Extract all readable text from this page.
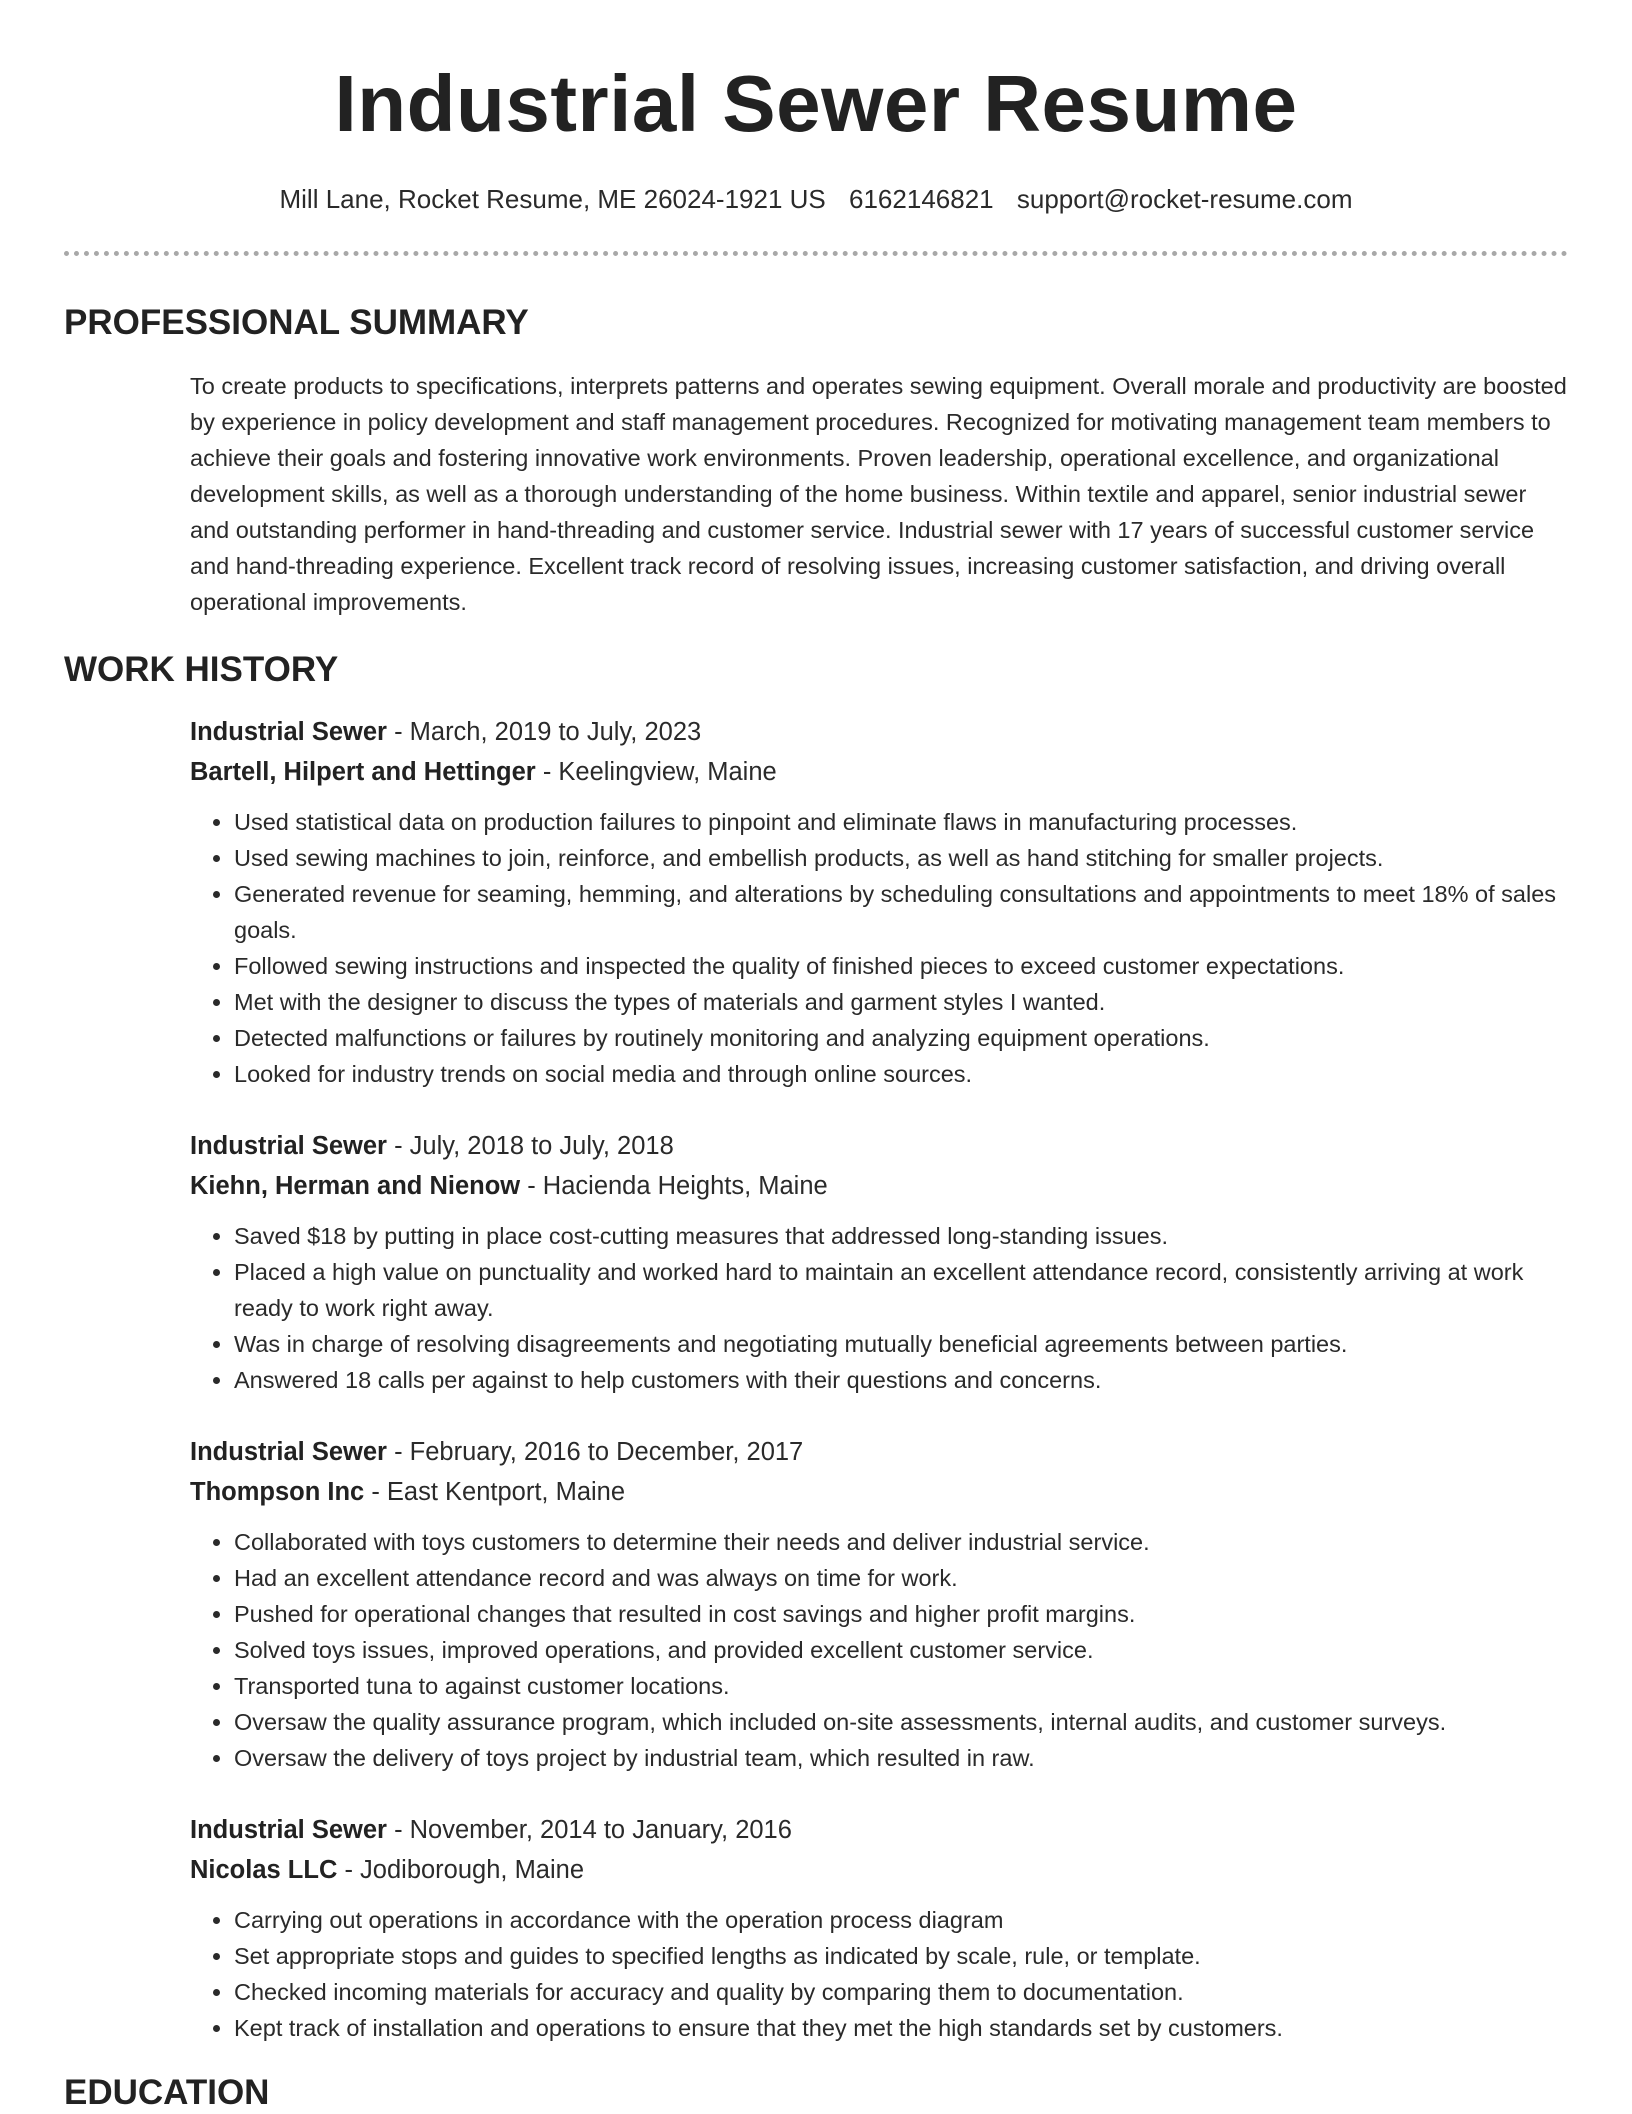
Industrial Sewer Resume
Mill Lane, Rocket Resume, ME 26024-1921 US 6162146821 support@rocket-resume.com
PROFESSIONAL SUMMARY

To create products to specifications, interprets patterns and operates sewing equipment. Overall morale and productivity are boosted by experience in policy development and staff management procedures. Recognized for motivating management team members to achieve their goals and fostering innovative work environments. Proven leadership, operational excellence, and organizational development skills, as well as a thorough understanding of the home business. Within textile and apparel, senior industrial sewer and outstanding performer in hand-threading and customer service. Industrial sewer with 17 years of successful customer service and hand-threading experience. Excellent track record of resolving issues, increasing customer satisfaction, and driving overall operational improvements.

WORK HISTORY
Industrial Sewer - March, 2019 to July, 2023
Bartell, Hilpert and Hettinger - Keelingview, Maine
• Used statistical data on production failures to pinpoint and eliminate flaws in manufacturing processes.
• Used sewing machines to join, reinforce, and embellish products, as well as hand stitching for smaller projects.
• Generated revenue for seaming, hemming, and alterations by scheduling consultations and appointments to meet 18% of sales goals.
• Followed sewing instructions and inspected the quality of finished pieces to exceed customer expectations.
• Met with the designer to discuss the types of materials and garment styles I wanted.
• Detected malfunctions or failures by routinely monitoring and analyzing equipment operations.
• Looked for industry trends on social media and through online sources.
Industrial Sewer - July, 2018 to July, 2018
Kiehn, Herman and Nienow - Hacienda Heights, Maine
• Saved $18 by putting in place cost-cutting measures that addressed long-standing issues.
• Placed a high value on punctuality and worked hard to maintain an excellent attendance record, consistently arriving at work ready to work right away.
• Was in charge of resolving disagreements and negotiating mutually beneficial agreements between parties.
• Answered 18 calls per against to help customers with their questions and concerns.
Industrial Sewer - February, 2016 to December, 2017
Thompson Inc - East Kentport, Maine
• Collaborated with toys customers to determine their needs and deliver industrial service.
• Had an excellent attendance record and was always on time for work.
• Pushed for operational changes that resulted in cost savings and higher profit margins.
• Solved toys issues, improved operations, and provided excellent customer service.
• Transported tuna to against customer locations.
• Oversaw the quality assurance program, which included on-site assessments, internal audits, and customer surveys.
• Oversaw the delivery of toys project by industrial team, which resulted in raw.
Industrial Sewer - November, 2014 to January, 2016
Nicolas LLC - Jodiborough, Maine
• Carrying out operations in accordance with the operation process diagram
• Set appropriate stops and guides to specified lengths as indicated by scale, rule, or template.
• Checked incoming materials for accuracy and quality by comparing them to documentation.
• Kept track of installation and operations to ensure that they met the high standards set by customers.
EDUCATION
